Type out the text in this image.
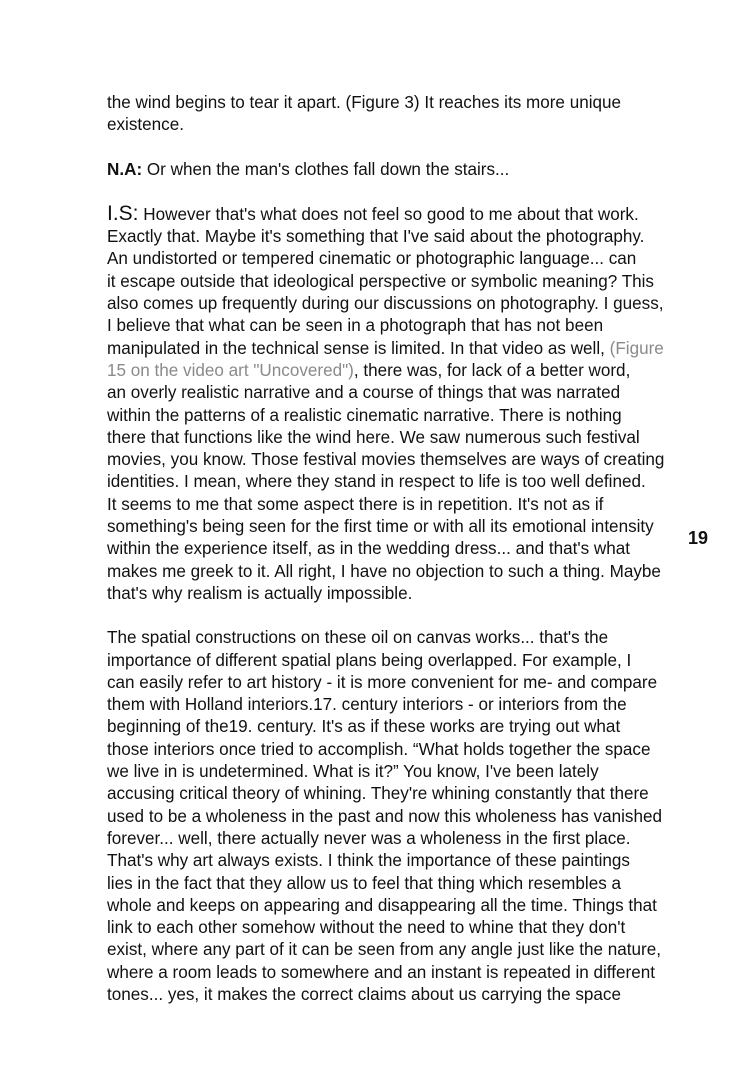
the wind begins to tear it apart. (Figure 3) It reaches its more unique
existence.

N.A: Or when the man's clothes fall down the stairs...

I.S: However that's what does not feel so good to me about that work.
Exactly that. Maybe it's something that I've said about the photography.
An undistorted or tempered cinematic or photographic language... can
it escape outside that ideological perspective or symbolic meaning? This
also comes up frequently during our discussions on photography. I guess,
I believe that what can be seen in a photograph that has not been
manipulated in the technical sense is limited. In that video as well, (Figure
15 on the video art "Uncovered"), there was, for lack of a better word,
an overly realistic narrative and a course of things that was narrated
within the patterns of a realistic cinematic narrative. There is nothing
there that functions like the wind here. We saw numerous such festival
movies, you know. Those festival movies themselves are ways of creating
identities. I mean, where they stand in respect to life is too well defined.
It seems to me that some aspect there is in repetition. It's not as if
something's being seen for the first time or with all its emotional intensity
within the experience itself, as in the wedding dress... and that's what
makes me greek to it. All right, I have no objection to such a thing. Maybe
that's why realism is actually impossible.

The spatial constructions on these oil on canvas works... that's the
importance of different spatial plans being overlapped. For example, I
can easily refer to art history - it is more convenient for me- and compare
them with Holland interiors.17. century interiors - or interiors from the
beginning of the19. century. It's as if these works are trying out what
those interiors once tried to accomplish. “What holds together the space
we live in is undetermined. What is it?” You know, I've been lately
accusing critical theory of whining. They're whining constantly that there
used to be a wholeness in the past and now this wholeness has vanished
forever... well, there actually never was a wholeness in the first place.
That's why art always exists. I think the importance of these paintings
lies in the fact that they allow us to feel that thing which resembles a
whole and keeps on appearing and disappearing all the time. Things that
link to each other somehow without the need to whine that they don't
exist, where any part of it can be seen from any angle just like the nature,
where a room leads to somewhere and an instant is repeated in different
tones... yes, it makes the correct claims about us carrying the space

19
